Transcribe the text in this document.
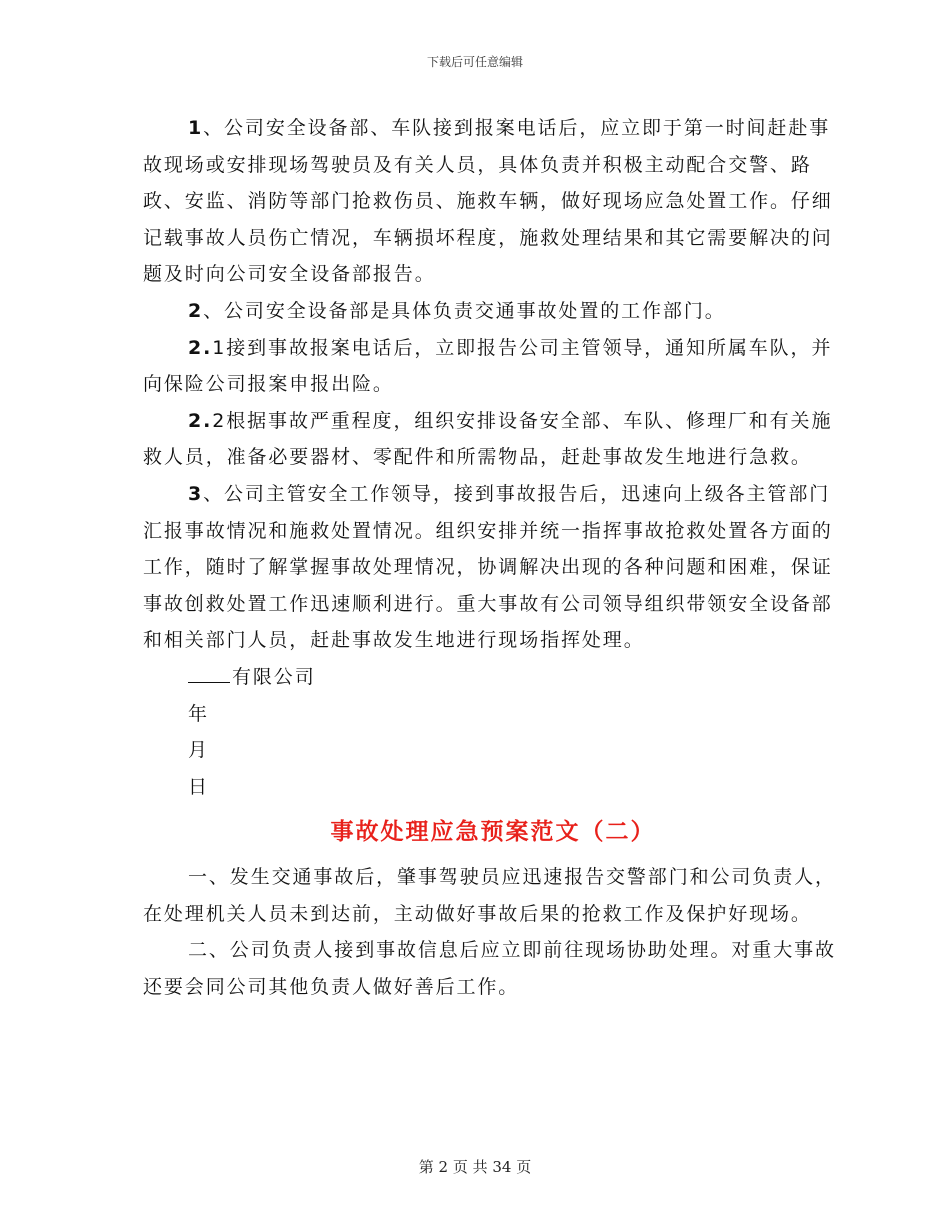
下载后可任意编辑

1、公司安全设备部、车队接到报案电话后，应立即于第一时间赶赴事故现场或安排现场驾驶员及有关人员，具体负责并积极主动配合交警、路政、安监、消防等部门抢救伤员、施救车辆，做好现场应急处置工作。仔细记载事故人员伤亡情况，车辆损坏程度，施救处理结果和其它需要解决的问题及时向公司安全设备部报告。

2、公司安全设备部是具体负责交通事故处置的工作部门。

2.1接到事故报案电话后，立即报告公司主管领导，通知所属车队，并向保险公司报案申报出险。

2.2根据事故严重程度，组织安排设备安全部、车队、修理厂和有关施救人员，准备必要器材、零配件和所需物品，赶赴事故发生地进行急救。

3、公司主管安全工作领导，接到事故报告后，迅速向上级各主管部门汇报事故情况和施救处置情况。组织安排并统一指挥事故抢救处置各方面的工作，随时了解掌握事故处理情况，协调解决出现的各种问题和困难，保证事故创救处置工作迅速顺利进行。重大事故有公司领导组织带领安全设备部和相关部门人员，赶赴事故发生地进行现场指挥处理。

有限公司

年

月

日

事故处理应急预案范文（二）

一、发生交通事故后，肇事驾驶员应迅速报告交警部门和公司负责人，在处理机关人员未到达前，主动做好事故后果的抢救工作及保护好现场。

二、公司负责人接到事故信息后应立即前往现场协助处理。对重大事故还要会同公司其他负责人做好善后工作。

第 2 页 共 34 页
